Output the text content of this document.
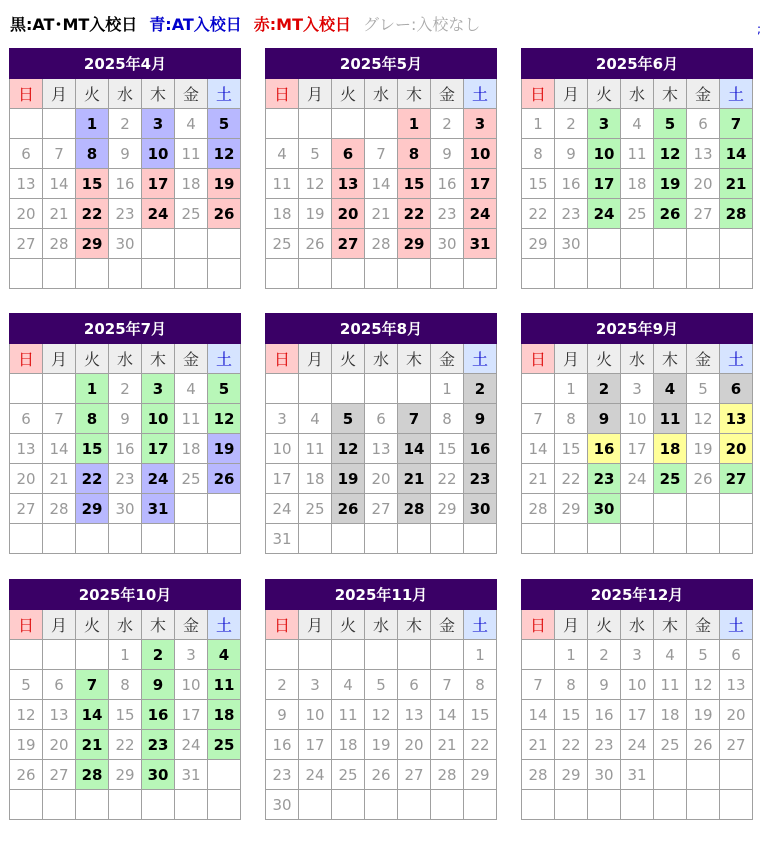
黒:AT･MT入校日 青:AT入校日 赤:MT入校日 グレー:入校なし	;
2025年4月						
日	月	火	水	木	金	土
		1	2	3	4	5
6	7	8	9	10	11	12
13	14	15	16	17	18	19
20	21	22	23	24	25	26
27	28	29	30			

2025年5月						
日	月	火	水	木	金	土
				1	2	3
4	5	6	7	8	9	10
11	12	13	14	15	16	17
18	19	20	21	22	23	24
25	26	27	28	29	30	31

2025年6月						
日	月	火	水	木	金	土
1	2	3	4	5	6	7
8	9	10	11	12	13	14
15	16	17	18	19	20	21
22	23	24	25	26	27	28
29	30					

2025年7月						
日	月	火	水	木	金	土
		1	2	3	4	5
6	7	8	9	10	11	12
13	14	15	16	17	18	19
20	21	22	23	24	25	26
27	28	29	30	31		

2025年8月						
日	月	火	水	木	金	土
					1	2
3	4	5	6	7	8	9
10	11	12	13	14	15	16
17	18	19	20	21	22	23
24	25	26	27	28	29	30
31						
2025年9月						
日	月	火	水	木	金	土
	1	2	3	4	5	6
7	8	9	10	11	12	13
14	15	16	17	18	19	20
21	22	23	24	25	26	27
28	29	30				

2025年10月						
日	月	火	水	木	金	土
			1	2	3	4
5	6	7	8	9	10	11
12	13	14	15	16	17	18
19	20	21	22	23	24	25
26	27	28	29	30	31	

2025年11月						
日	月	火	水	木	金	土
						1
2	3	4	5	6	7	8
9	10	11	12	13	14	15
16	17	18	19	20	21	22
23	24	25	26	27	28	29
30						
2025年12月						
日	月	火	水	木	金	土
	1	2	3	4	5	6
7	8	9	10	11	12	13
14	15	16	17	18	19	20
21	22	23	24	25	26	27
28	29	30	31			
